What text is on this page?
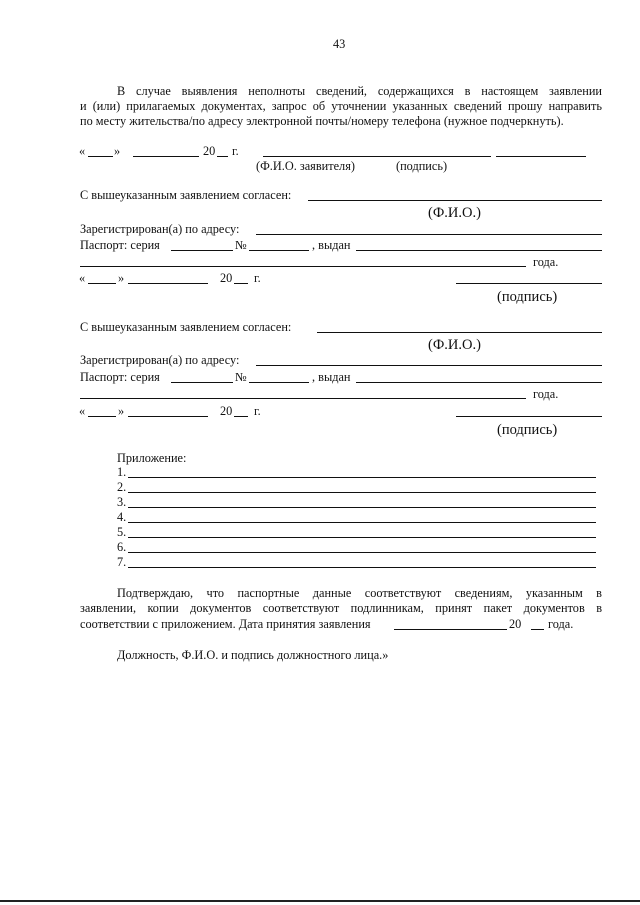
43
В случае выявления неполноты сведений, содержащихся в настоящем заявлении
и (или) прилагаемых документах, запрос об уточнении указанных сведений прошу направить
по месту жительства/по адресу электронной почты/номеру телефона (нужное подчеркнуть).
« »	20 г.
(Ф.И.О. заявителя)	(подпись)
С вышеуказанным заявлением согласен:
(Ф.И.О.)
Зарегистрирован(а) по адресу:
Паспорт: серия	№	, выдан
года.
«	»	20 г.
(подпись)
С вышеуказанным заявлением согласен:
(Ф.И.О.)
Зарегистрирован(а) по адресу:
Паспорт: серия	№	, выдан
года.
«	»	20 г.
(подпись)
Приложение:
1.
2.
3.
4.
5.
6.
7.
Подтверждаю, что паспортные данные соответствуют сведениям, указанным в
заявлении, копии документов соответствуют подлинникам, принят пакет документов в
соответствии с приложением. Дата принятия заявления	20 года.
Должность, Ф.И.О. и подпись должностного лица.»
